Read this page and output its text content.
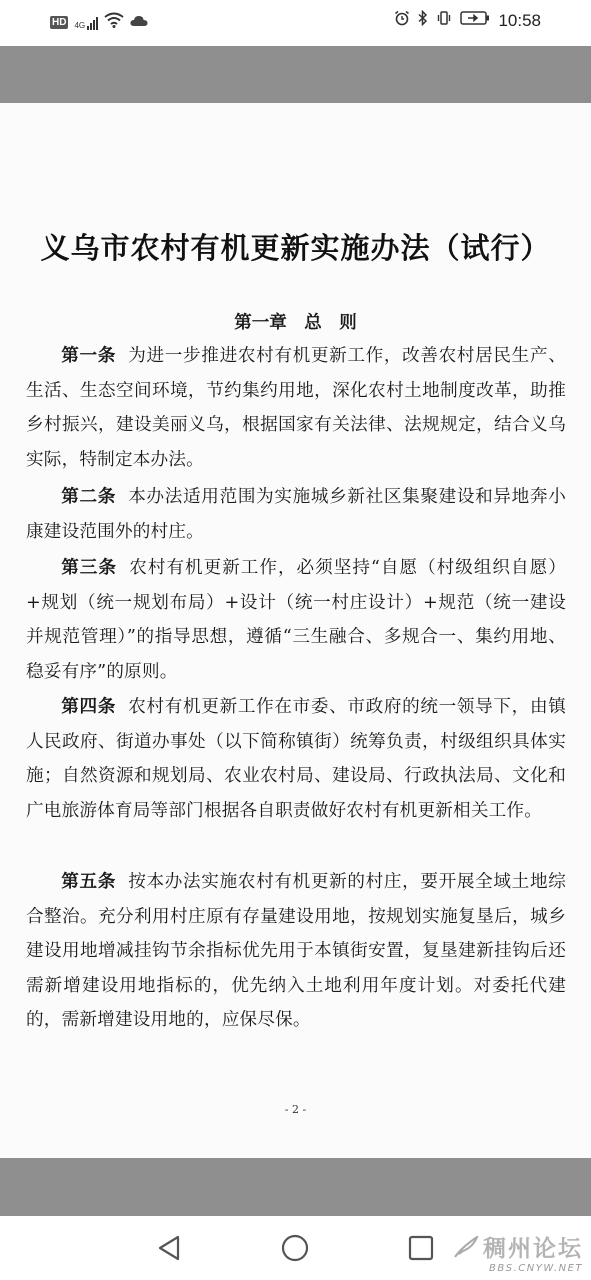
HD 4G	10:58
义乌市农村有机更新实施办法（试行）
第一章　总　则

第一条 为进一步推进农村有机更新工作，改善农村居民生产、生活、生态空间环境，节约集约用地，深化农村土地制度改革，助推乡村振兴，建设美丽义乌，根据国家有关法律、法规规定，结合义乌实际，特制定本办法。

第二条 本办法适用范围为实施城乡新社区集聚建设和异地奔小康建设范围外的村庄。

第三条 农村有机更新工作，必须坚持“自愿（村级组织自愿）+规划（统一规划布局）+设计（统一村庄设计）+规范（统一建设并规范管理）”的指导思想，遵循“三生融合、多规合一、集约用地、稳妥有序”的原则。

第四条 农村有机更新工作在市委、市政府的统一领导下，由镇人民政府、街道办事处（以下简称镇街）统筹负责，村级组织具体实施；自然资源和规划局、农业农村局、建设局、行政执法局、文化和广电旅游体育局等部门根据各自职责做好农村有机更新相关工作。

第五条 按本办法实施农村有机更新的村庄，要开展全域土地综合整治。充分利用村庄原有存量建设用地，按规划实施复垦后，城乡建设用地增减挂钩节余指标优先用于本镇街安置，复垦建新挂钩后还需新增建设用地指标的，优先纳入土地利用年度计划。对委托代建的，需新增建设用地的，应保尽保。

- 2 -
稠州论坛
BBS.CNYW.NET
